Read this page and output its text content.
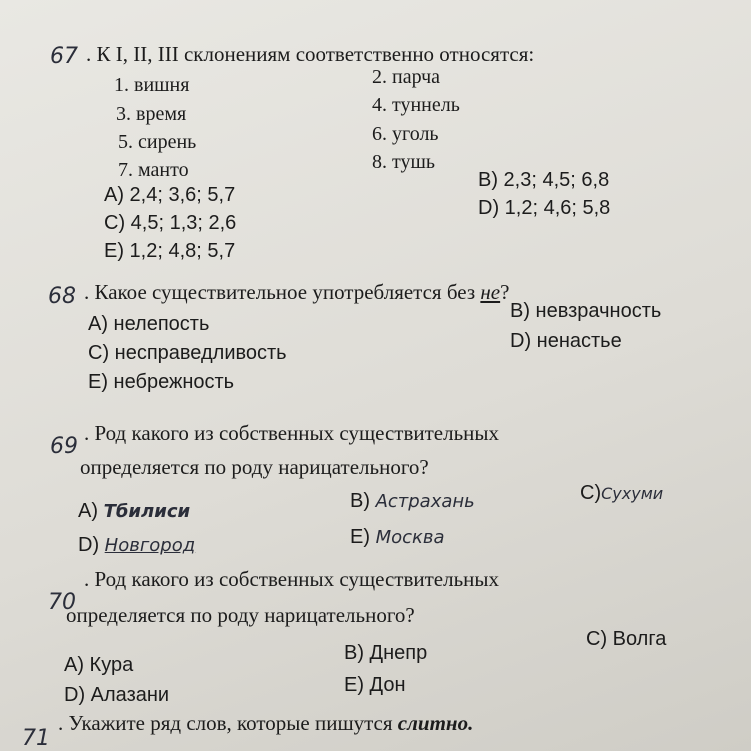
67 . К I, II, III склонениям соответственно относятся:
1. вишня	2. парча
3. время	4. туннель
5. сирень	6. уголь
7. манто	8. тушь
A) 2,4; 3,6; 5,7
B) 2,3; 4,5; 6,8
C) 4,5; 1,3; 2,6
D) 1,2; 4,6; 5,8
E) 1,2; 4,8; 5,7
68 . Какое существительное употребляется без не?
A) нелепость
B) невзрачность
C) несправедливость
D) ненастье
E) небрежность
69
. Род какого из собственных существительных
определяется по роду нарицательного?
A) Тбилиси	B) Астрахань	C)Сухуми
D) Новгород	E) Москва
70
. Род какого из собственных существительных
определяется по роду нарицательного?
A) Кура
B) Днепр
C) Волга
D) Алазани	E) Дон
71
. Укажите ряд слов, которые пишутся слитно.
